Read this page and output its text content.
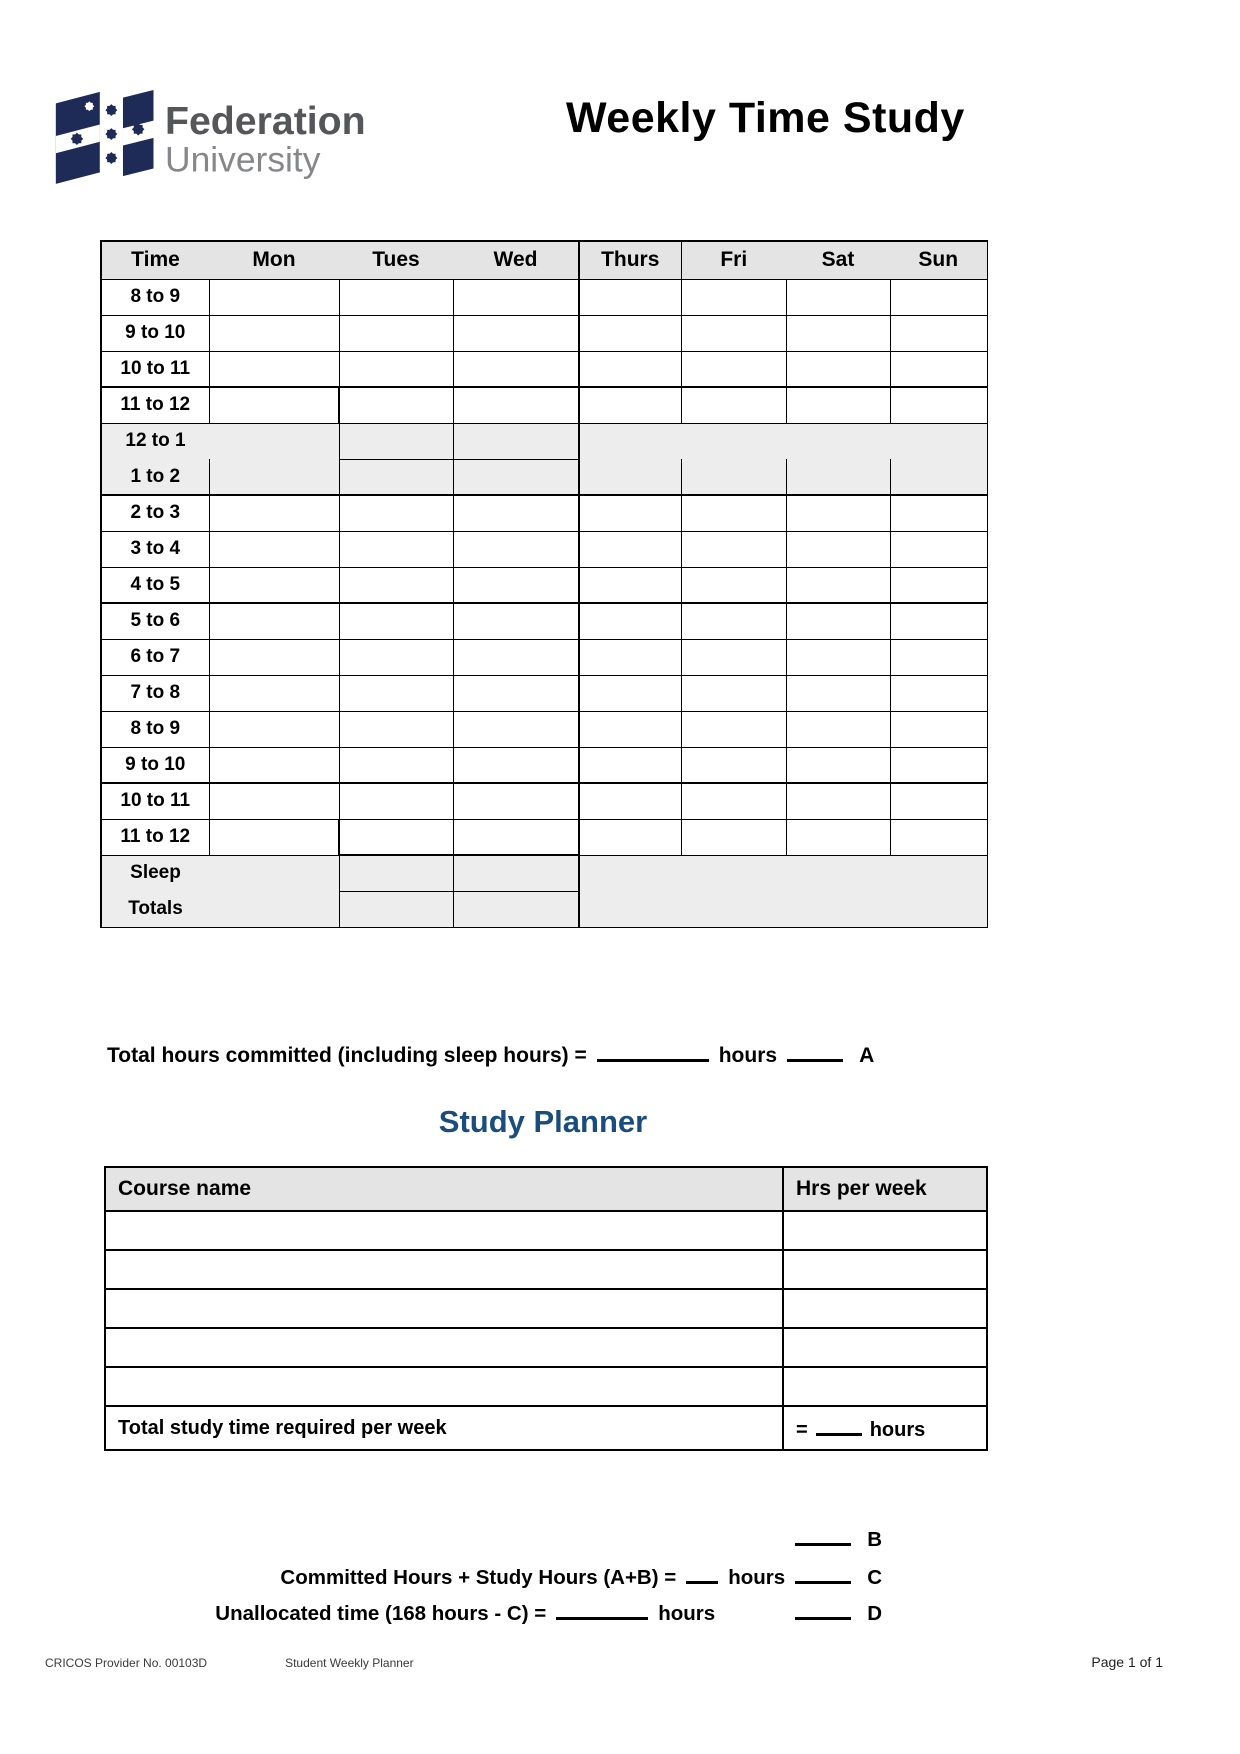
Federation
University
Weekly Time Study
Time	Mon	Tues	Wed	Thurs	Fri	Sat	Sun
8 to 9							
9 to 10							
10 to 11							
11 to 12							
12 to 1							
1 to 2							
2 to 3							
3 to 4							
4 to 5							
5 to 6							
6 to 7							
7 to 8							
8 to 9							
9 to 10							
10 to 11							
11 to 12							
Sleep							
Totals							
Total hours committed (including sleep hours) =	hours	A
Study Planner
Course name	Hrs per week

Total study time required per week	= hours
B
Committed Hours + Study Hours (A+B) =	hours	C
Unallocated time (168 hours - C) =	hours	D
CRICOS Provider No. 00103D	Student Weekly Planner	Page 1 of 1
